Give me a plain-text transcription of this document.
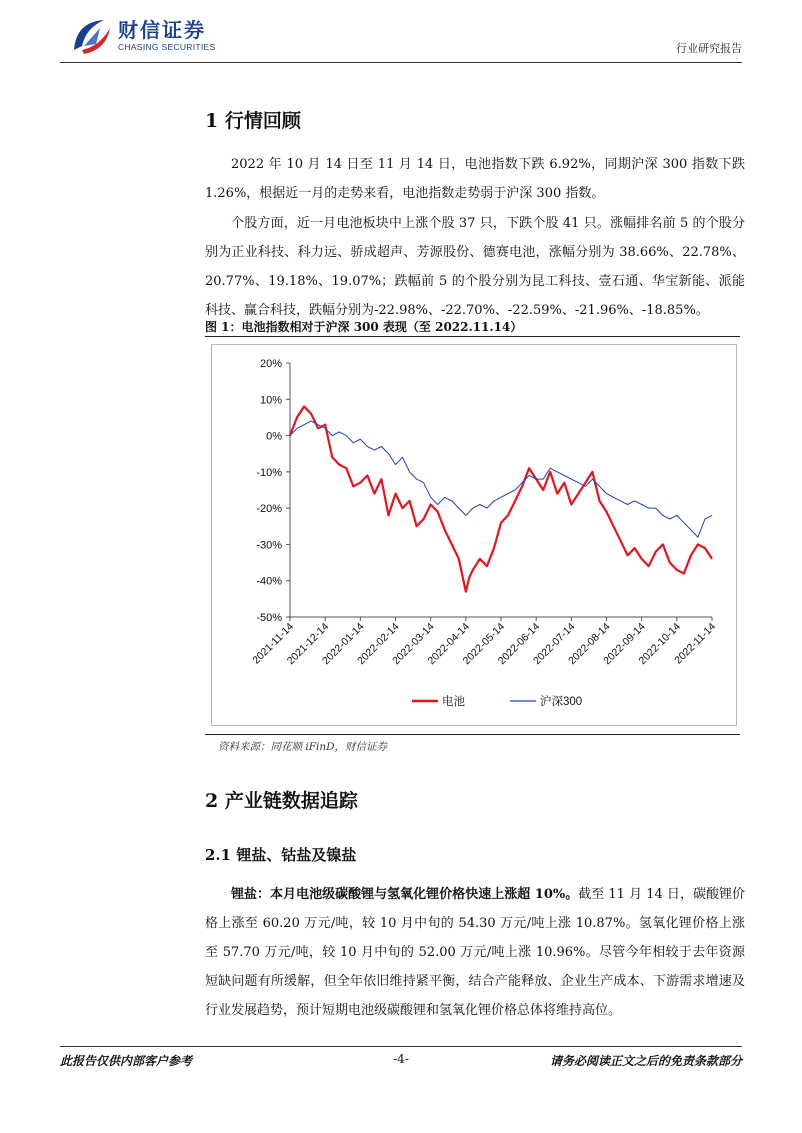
财信证券
CHASING SECURITIES	行业研究报告
1 行情回顾
2022 年 10 月 14 日至 11 月 14 日，电池指数下跌 6.92%，同期沪深 300 指数下跌 1.26%，根据近一月的走势来看，电池指数走势弱于沪深 300 指数。
个股方面，近一月电池板块中上涨个股 37 只，下跌个股 41 只。涨幅排名前 5 的个股分别为正业科技、科力远、骄成超声、芳源股份、德赛电池，涨幅分别为 38.66%、22.78%、20.77%、19.18%、19.07%；跌幅前 5 的个股分别为昆工科技、壹石通、华宝新能、派能科技、赢合科技，跌幅分别为-22.98%、-22.70%、-22.59%、-21.96%、-18.85%。
图 1：电池指数相对于沪深 300 表现（至 2022.11.14）
20%
10%
0%
-10%
-20%
-30%
-40%
-50%
2021-11-14
2021-12-14
2022-01-14
2022-02-14
2022-03-14
2022-04-14
2022-05-14
2022-06-14
2022-07-14
2022-08-14
2022-09-14
2022-10-14
2022-11-14
电池	沪深300
资料来源：同花顺 iFinD，财信证券
2 产业链数据追踪
2.1 锂盐、钴盐及镍盐
锂盐：本月电池级碳酸锂与氢氧化锂价格快速上涨超 10%。截至 11 月 14 日，碳酸锂价格上涨至 60.20 万元/吨，较 10 月中旬的 54.30 万元/吨上涨 10.87%。氢氧化锂价格上涨至 57.70 万元/吨，较 10 月中旬的 52.00 万元/吨上涨 10.96%。尽管今年相较于去年资源短缺问题有所缓解，但全年依旧维持紧平衡，结合产能释放、企业生产成本、下游需求增速及行业发展趋势，预计短期电池级碳酸锂和氢氧化锂价格总体将维持高位。
此报告仅供内部客户参考	-4-	请务必阅读正文之后的免责条款部分
